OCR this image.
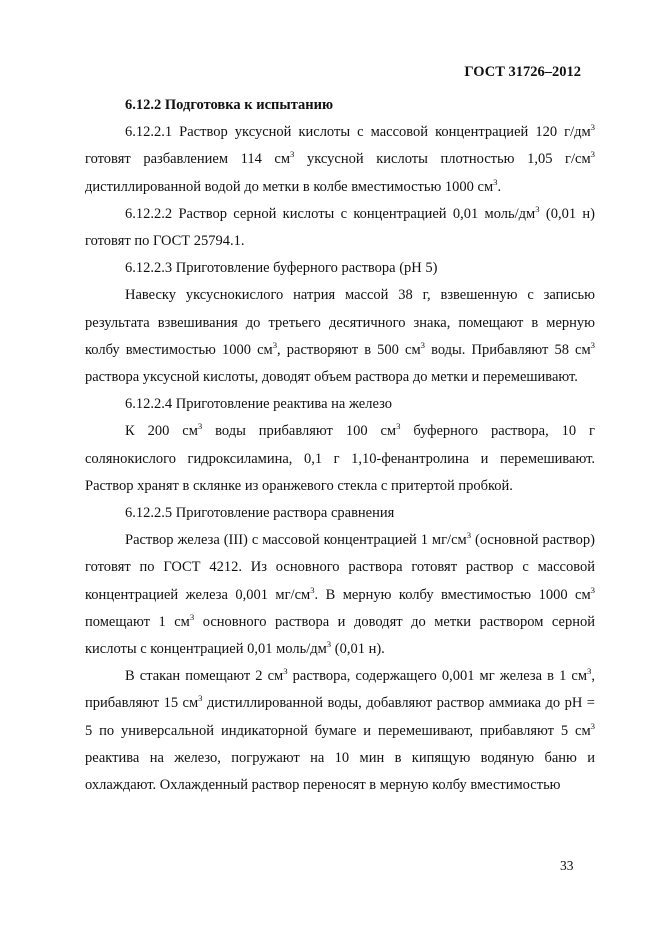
ГОСТ 31726–2012

6.12.2 Подготовка к испытанию

6.12.2.1 Раствор уксусной кислоты с массовой концентрацией 120 $г/дм^3$ готовят разбавлением 114 $см^3$ уксусной кислоты плотностью 1,05 $г/см^3$ дистиллированной водой до метки в колбе вместимостью 1000 $см^3$.

6.12.2.2 Раствор серной кислоты с концентрацией 0,01 моль/$дм^3$ (0,01 н) готовят по ГОСТ 25794.1.

6.12.2.3 Приготовление буферного раствора (pH 5)

Навеску уксуснокислого натрия массой 38 г, взвешенную с записью результата взвешивания до третьего десятичного знака, помещают в мерную колбу вместимостью 1000 $см^3$, растворяют в 500 $см^3$ воды. Прибавляют 58 $см^3$ раствора уксусной кислоты, доводят объем раствора до метки и перемешивают.

6.12.2.4 Приготовление реактива на железо

К 200 $см^3$ воды прибавляют 100 $см^3$ буферного раствора, 10 г солянокислого гидроксиламина, 0,1 г 1,10-фенантролина и перемешивают. Раствор хранят в склянке из оранжевого стекла с притертой пробкой.

6.12.2.5 Приготовление раствора сравнения

Раствор железа (III) с массовой концентрацией 1 $мг/см^3$ (основной раствор) готовят по ГОСТ 4212. Из основного раствора готовят раствор с массовой концентрацией железа 0,001 $мг/см^3$. В мерную колбу вместимостью 1000 $см^3$ помещают 1 $см^3$ основного раствора и доводят до метки раствором серной кислоты с концентрацией 0,01 моль/$дм^3$ (0,01 н).

В стакан помещают 2 $см^3$ раствора, содержащего 0,001 мг железа в 1 $см^3$, прибавляют 15 $см^3$ дистиллированной воды, добавляют раствор аммиака до pH = 5 по универсальной индикаторной бумаге и перемешивают, прибавляют 5 $см^3$ реактива на железо, погружают на 10 мин в кипящую водяную баню и охлаждают. Охлажденный раствор переносят в мерную колбу вместимостью

33
